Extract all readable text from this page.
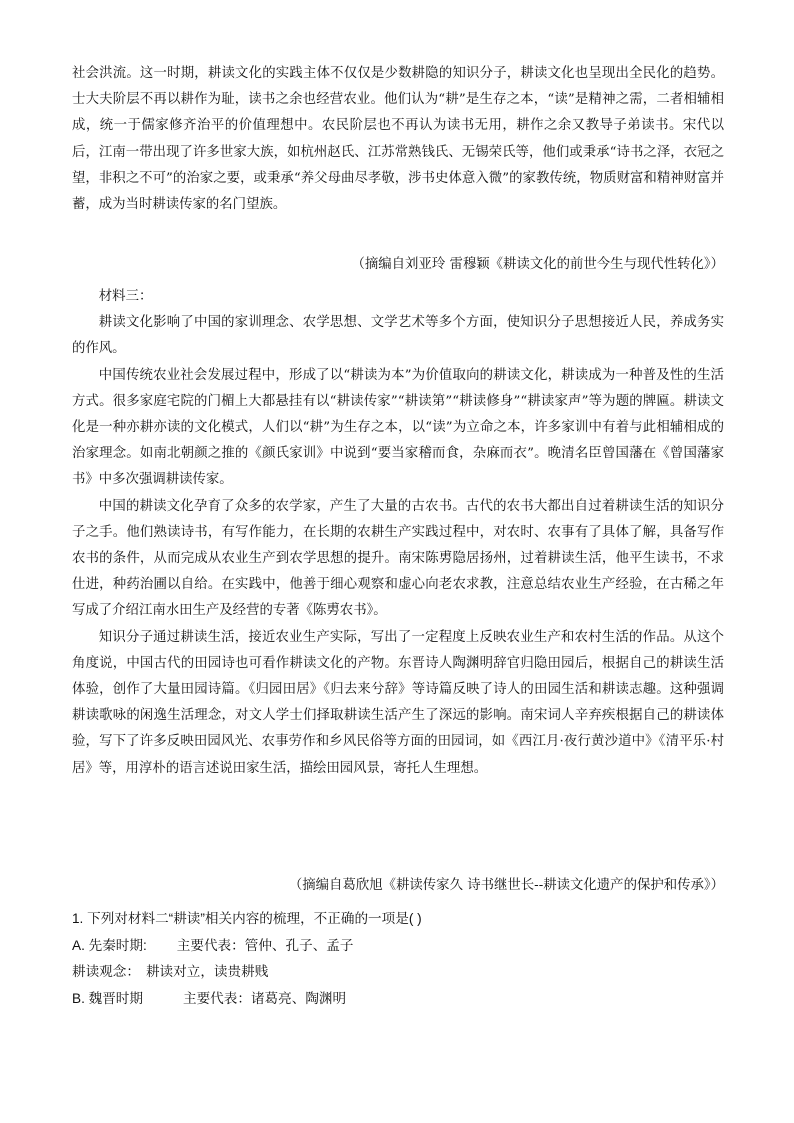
社会洪流。这一时期，耕读文化的实践主体不仅仅是少数耕隐的知识分子，耕读文化也呈现出全民化的趋势。士大夫阶层不再以耕作为耻，读书之余也经营农业。他们认为“耕”是生存之本，“读”是精神之需，二者相辅相成，统一于儒家修齐治平的价值理想中。农民阶层也不再认为读书无用，耕作之余又教导子弟读书。宋代以后，江南一带出现了许多世家大族，如杭州赵氏、江苏常熟钱氏、无锡荣氏等，他们或秉承“诗书之泽，衣冠之望，非积之不可”的治家之要，或秉承“养父母曲尽孝敬，涉书史体意入微”的家教传统，物质财富和精神财富并蓄，成为当时耕读传家的名门望族。

（摘编自刘亚玲 雷穆颖《耕读文化的前世今生与现代性转化》）

材料三：

耕读文化影响了中国的家训理念、农学思想、文学艺术等多个方面，使知识分子思想接近人民，养成务实的作风。

中国传统农业社会发展过程中，形成了以“耕读为本”为价值取向的耕读文化，耕读成为一种普及性的生活方式。很多家庭宅院的门楣上大都悬挂有以“耕读传家”“耕读第”“耕读修身”“耕读家声”等为题的牌匾。耕读文化是一种亦耕亦读的文化模式，人们以“耕”为生存之本，以“读”为立命之本，许多家训中有着与此相辅相成的治家理念。如南北朝颜之推的《颜氏家训》中说到“要当家稽而食，杂麻而衣”。晚清名臣曾国藩在《曾国藩家书》中多次强调耕读传家。

中国的耕读文化孕育了众多的农学家，产生了大量的古农书。古代的农书大都出自过着耕读生活的知识分子之手。他们熟读诗书，有写作能力，在长期的农耕生产实践过程中，对农时、农事有了具体了解，具备写作农书的条件，从而完成从农业生产到农学思想的提升。南宋陈旉隐居扬州，过着耕读生活，他平生读书，不求仕进，种药治圃以自给。在实践中，他善于细心观察和虚心向老农求教，注意总结农业生产经验，在古稀之年写成了介绍江南水田生产及经营的专著《陈旉农书》。

知识分子通过耕读生活，接近农业生产实际，写出了一定程度上反映农业生产和农村生活的作品。从这个角度说，中国古代的田园诗也可看作耕读文化的产物。东晋诗人陶渊明辞官归隐田园后，根据自己的耕读生活体验，创作了大量田园诗篇。《归园田居》《归去来兮辞》等诗篇反映了诗人的田园生活和耕读志趣。这种强调耕读歌咏的闲逸生活理念，对文人学士们择取耕读生活产生了深远的影响。南宋词人辛弃疾根据自己的耕读体验，写下了许多反映田园风光、农事劳作和乡风民俗等方面的田园词，如《西江月·夜行黄沙道中》《清平乐·村居》等，用淳朴的语言述说田家生活，描绘田园风景，寄托人生理想。

（摘编自葛欣旭《耕读传家久 诗书继世长--耕读文化遗产的保护和传承》）

1. 下列对材料二“耕读”相关内容的梳理，不正确的一项是( )

A. 先秦时期: 主要代表：管仲、孔子、孟子

耕读观念： 耕读对立，读贵耕贱

B. 魏晋时期	主要代表：诸葛亮、陶渊明
